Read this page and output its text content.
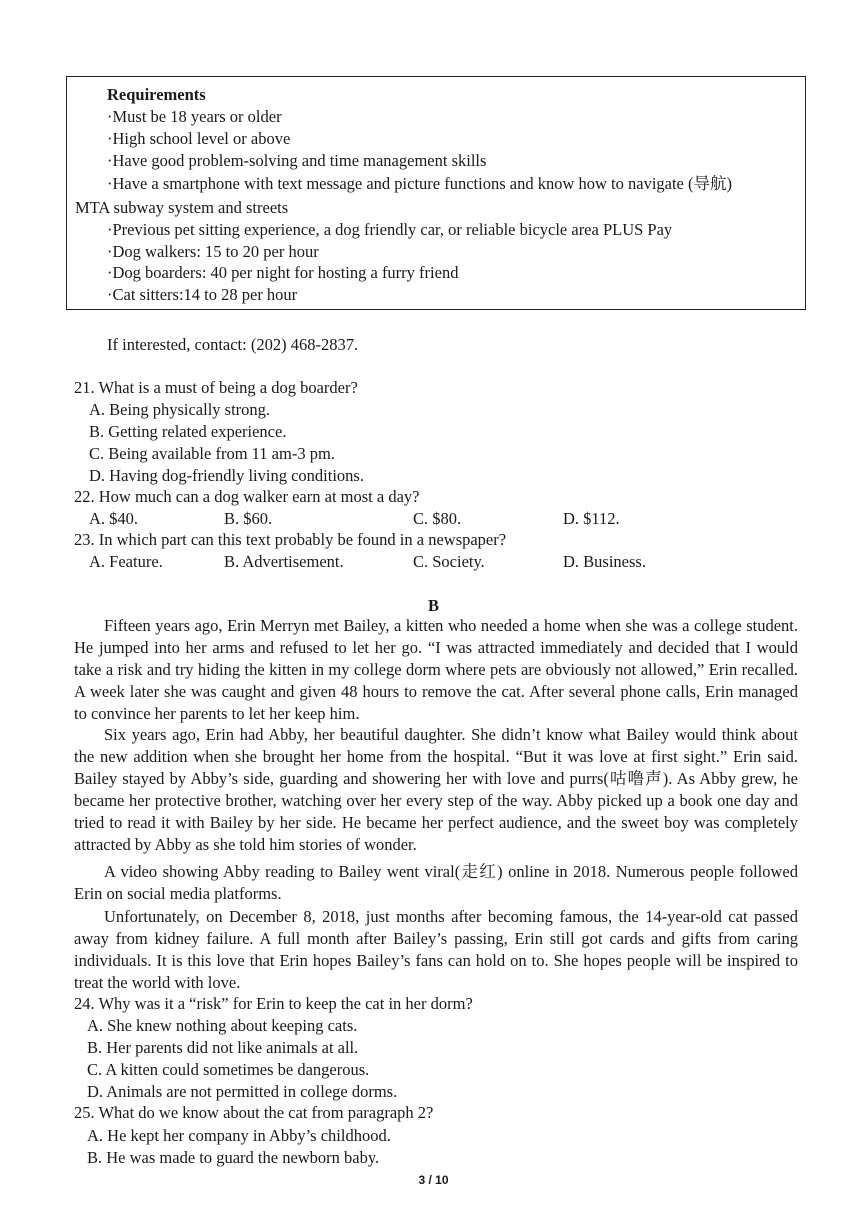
Requirements
·Must be 18 years or older
·High school level or above
·Have good problem-solving and time management skills
·Have a smartphone with text message and picture functions and know how to navigate (导航)
MTA subway system and streets
·Previous pet sitting experience, a dog friendly car, or reliable bicycle area PLUS Pay
·Dog walkers: 15 to 20 per hour
·Dog boarders: 40 per night for hosting a furry friend
·Cat sitters:14 to 28 per hour
If interested, contact: (202) 468-2837.
21. What is a must of being a dog boarder?
A. Being physically strong.
B. Getting related experience.
C. Being available from 11 am-3 pm.
D. Having dog-friendly living conditions.
22. How much can a dog walker earn at most a day?
A. $40.	B. $60.	C. $80.	D. $112.
23. In which part can this text probably be found in a newspaper?
A. Feature.	B. Advertisement.	C. Society.	D. Business.
B
Fifteen years ago, Erin Merryn met Bailey, a kitten who needed a home when she was a college student. He jumped into her arms and refused to let her go. “I was attracted immediately and decided that I would take a risk and try hiding the kitten in my college dorm where pets are obviously not allowed,” Erin recalled. A week later she was caught and given 48 hours to remove the cat. After several phone calls, Erin managed to convince her parents to let her keep him.
Six years ago, Erin had Abby, her beautiful daughter. She didn’t know what Bailey would think about the new addition when she brought her home from the hospital. “But it was love at first sight.” Erin said. Bailey stayed by Abby’s side, guarding and showering her with love and purrs(咕噜声). As Abby grew, he became her protective brother, watching over her every step of the way. Abby picked up a book one day and tried to read it with Bailey by her side. He became her perfect audience, and the sweet boy was completely attracted by Abby as she told him stories of wonder.
A video showing Abby reading to Bailey went viral(走红) online in 2018. Numerous people followed Erin on social media platforms.
Unfortunately, on December 8, 2018, just months after becoming famous, the 14-year-old cat passed away from kidney failure. A full month after Bailey’s passing, Erin still got cards and gifts from caring individuals. It is this love that Erin hopes Bailey’s fans can hold on to. She hopes people will be inspired to treat the world with love.
24. Why was it a “risk” for Erin to keep the cat in her dorm?
A. She knew nothing about keeping cats.
B. Her parents did not like animals at all.
C. A kitten could sometimes be dangerous.
D. Animals are not permitted in college dorms.
25. What do we know about the cat from paragraph 2?
A. He kept her company in Abby’s childhood.
B. He was made to guard the newborn baby.
3 / 10
